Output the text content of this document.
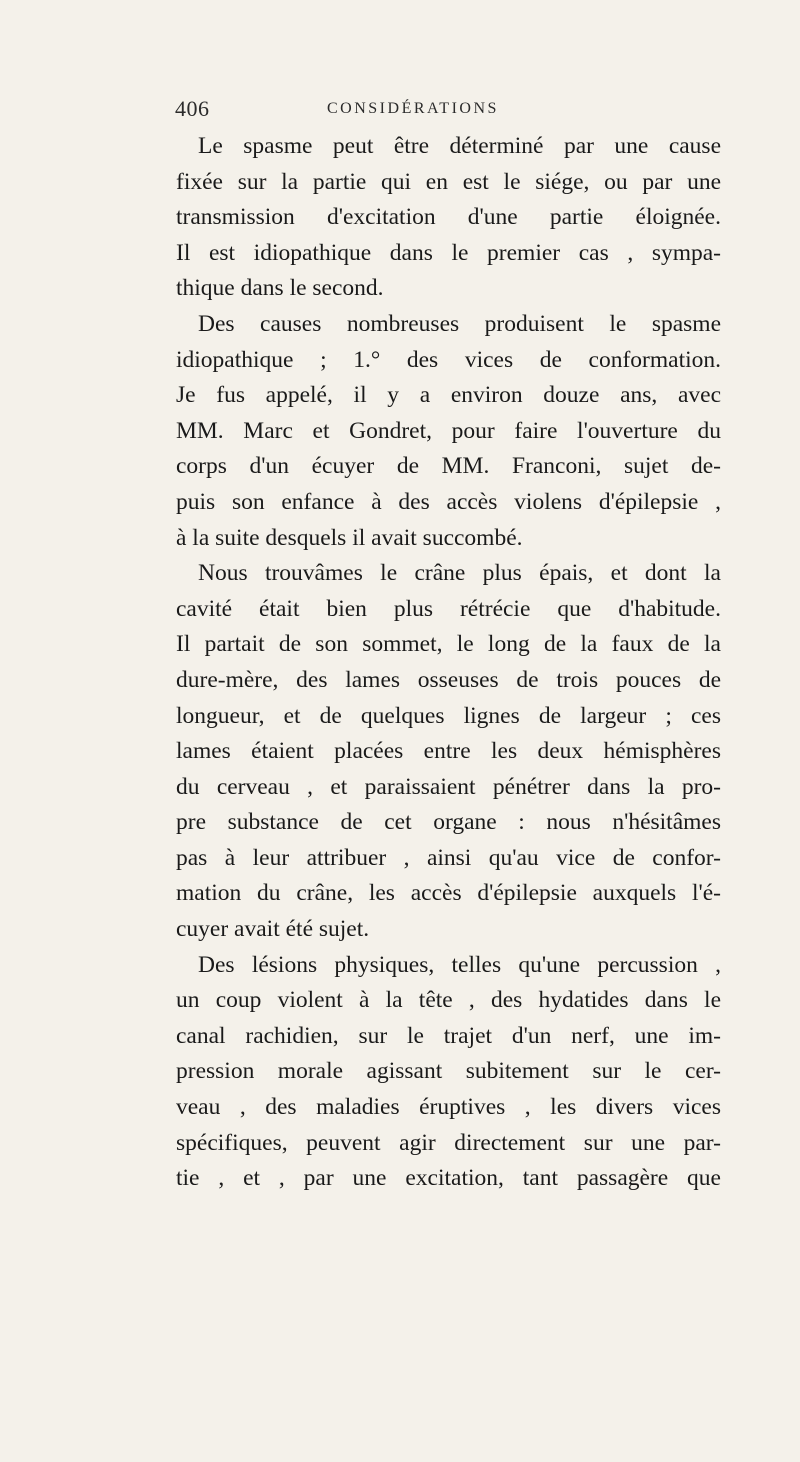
406	CONSIDÉRATIONS
Le spasme peut être déterminé par une cause
fixée sur la partie qui en est le siége, ou par une
transmission d'excitation d'une partie éloignée.
Il est idiopathique dans le premier cas , sympa-
thique dans le second.
Des causes nombreuses produisent le spasme
idiopathique ; 1.° des vices de conformation.
Je fus appelé, il y a environ douze ans, avec
MM. Marc et Gondret, pour faire l'ouverture du
corps d'un écuyer de MM. Franconi, sujet de-
puis son enfance à des accès violens d'épilepsie ,
à la suite desquels il avait succombé.
Nous trouvâmes le crâne plus épais, et dont la
cavité était bien plus rétrécie que d'habitude.
Il partait de son sommet, le long de la faux de la
dure-mère, des lames osseuses de trois pouces de
longueur, et de quelques lignes de largeur ; ces
lames étaient placées entre les deux hémisphères
du cerveau , et paraissaient pénétrer dans la pro-
pre substance de cet organe : nous n'hésitâmes
pas à leur attribuer , ainsi qu'au vice de confor-
mation du crâne, les accès d'épilepsie auxquels l'é-
cuyer avait été sujet.
Des lésions physiques, telles qu'une percussion ,
un coup violent à la tête , des hydatides dans le
canal rachidien, sur le trajet d'un nerf, une im-
pression morale agissant subitement sur le cer-
veau , des maladies éruptives , les divers vices
spécifiques, peuvent agir directement sur une par-
tie , et , par une excitation, tant passagère que
